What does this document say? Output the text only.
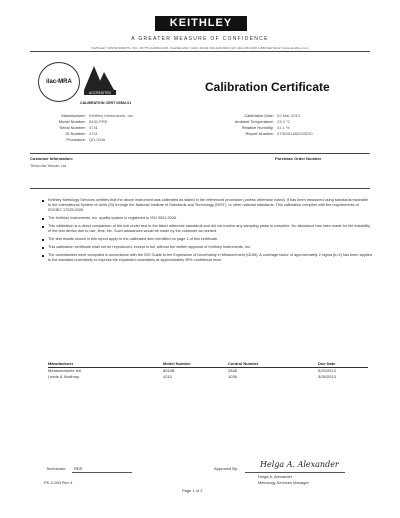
KEITHLEY
A GREATER MEASURE OF CONFIDENCE
KEITHLEY INSTRUMENTS, INC. 28775 AURORA RD, CLEVELAND, OHIO 44139 440-248-0400 FAX 440-248-6168 1-888-KEITHLEY www.keithley.com
ilac-MRA
ACCREDITED
CALIBRATION CERT #0582.01
Calibration Certificate
Manufacturer: Keithley Instruments, Inc.
Model Number: 6430-PRE
Serial Number: 4741
ID Number: 4741
Procedure: QD-0046
Calibration Date: 02-Mar-2013
Ambient Temperature: 23.3 °C
Relative Humidity: 41.1 %
Report Number: 0795181850339230
Customer Information:
Tenicoda Taiwan Ltd
Purchase Order Number
Keithley Metrology Services certifies that the above instrument was calibrated as stated in the referenced procedure (unless otherwise noted). It has been measured using standards traceable to the International System of Units (SI) through the National Institute of Standards and Technology (NIST), or other national standards. This calibration complies with the requirements of ISO/IEC 17025:2005.
The Keithley Instruments, Inc. quality system is registered to ISO 9001:2008.
This calibration is a direct comparison of the unit under test to the listed reference standards and did not involve any sampling plans to complete. No allowance has been made for the instability of the test device due to use, time, etc. Such allowances would be made by the customer as needed.
The test results shown in this report apply to the calibrated item identified on page 1 of this certificate.
This calibration certificate shall not be reproduced, except in full, without the written approval of Keithley Instruments, Inc.
The uncertainties were computed in accordance with the ISO Guide to the Expression of Uncertainty in Measurement (GUM). A coverage factor of approximately 2 sigma (k=2) has been applied to the standard uncertainty to express the expanded uncertainty at approximately 95% confidence level.
Manufacturer	Model Number	Control Number	Due Date
Measurements Intl	6010B	2848	5/20/2013
Leeds & Northrup	4210	1036	3/26/2013
Technician: RDS	Approved By:	Helga A. Alexander
Helga A. Alexander
Metrology Services Manager
PK-2-004 Rev 4
Page 1 of 2
